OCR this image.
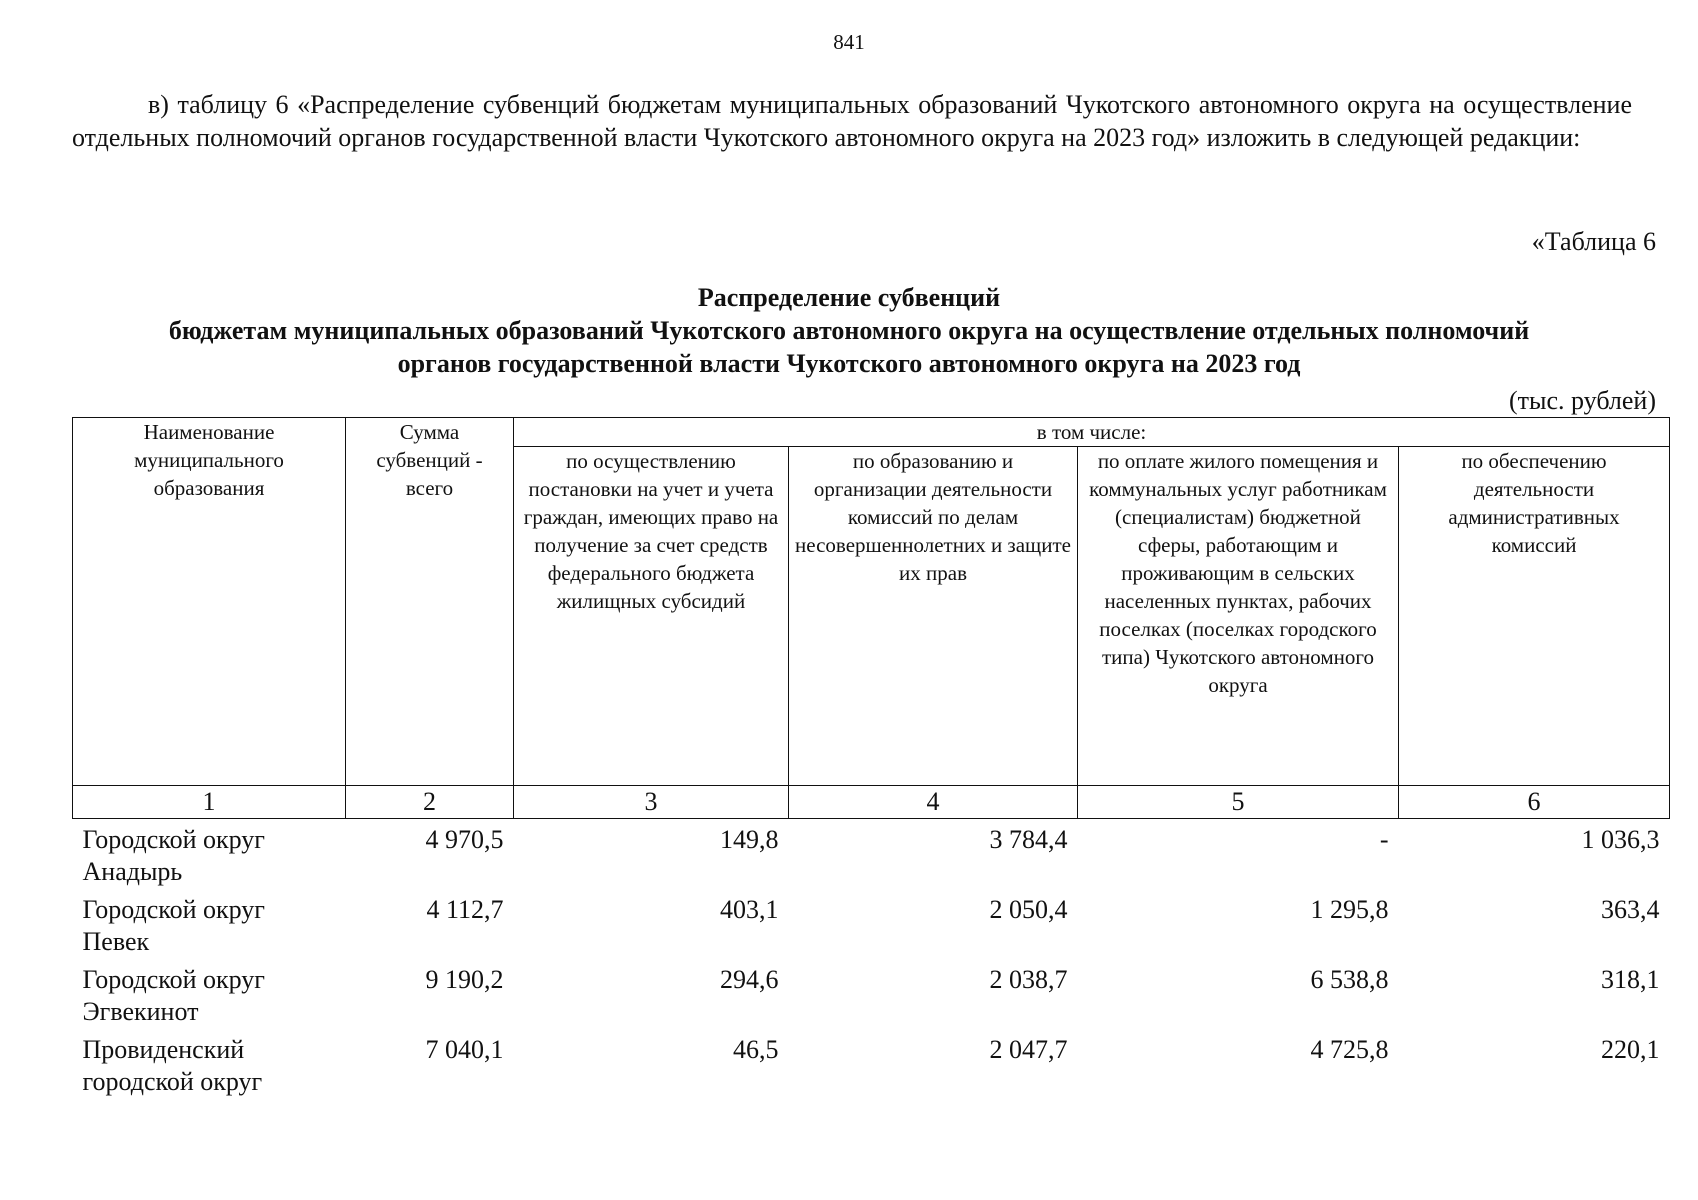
841

в) таблицу 6 «Распределение субвенций бюджетам муниципальных образований Чукотского автономного округа на осуществление отдельных полномочий органов государственной власти Чукотского автономного округа на 2023 год» изложить в следующей редакции:

«Таблица 6
Распределение субвенций
бюджетам муниципальных образований Чукотского автономного округа на осуществление отдельных полномочий
органов государственной власти Чукотского автономного округа на 2023 год
(тыс. рублей)
Наименование муниципального образования	Сумма субвенций - всего	в том числе:			
		по осуществлению постановки на учет и учета граждан, имеющих право на получение за счет средств федерального бюджета жилищных субсидий	по образованию и организации деятельности комиссий по делам несовершеннолетних и защите их прав	по оплате жилого помещения и коммунальных услуг работникам (специалистам) бюджетной сферы, работающим и проживающим в сельских населенных пунктах, рабочих поселках (поселках городского типа) Чукотского автономного округа	по обеспечению деятельности административных комиссий
1	2	3	4	5	6
Городской округ Анадырь	4 970,5	149,8	3 784,4	-	1 036,3
Городской округ Певек	4 112,7	403,1	2 050,4	1 295,8	363,4
Городской округ Эгвекинот	9 190,2	294,6	2 038,7	6 538,8	318,1
Провиденский городской округ	7 040,1	46,5	2 047,7	4 725,8	220,1
